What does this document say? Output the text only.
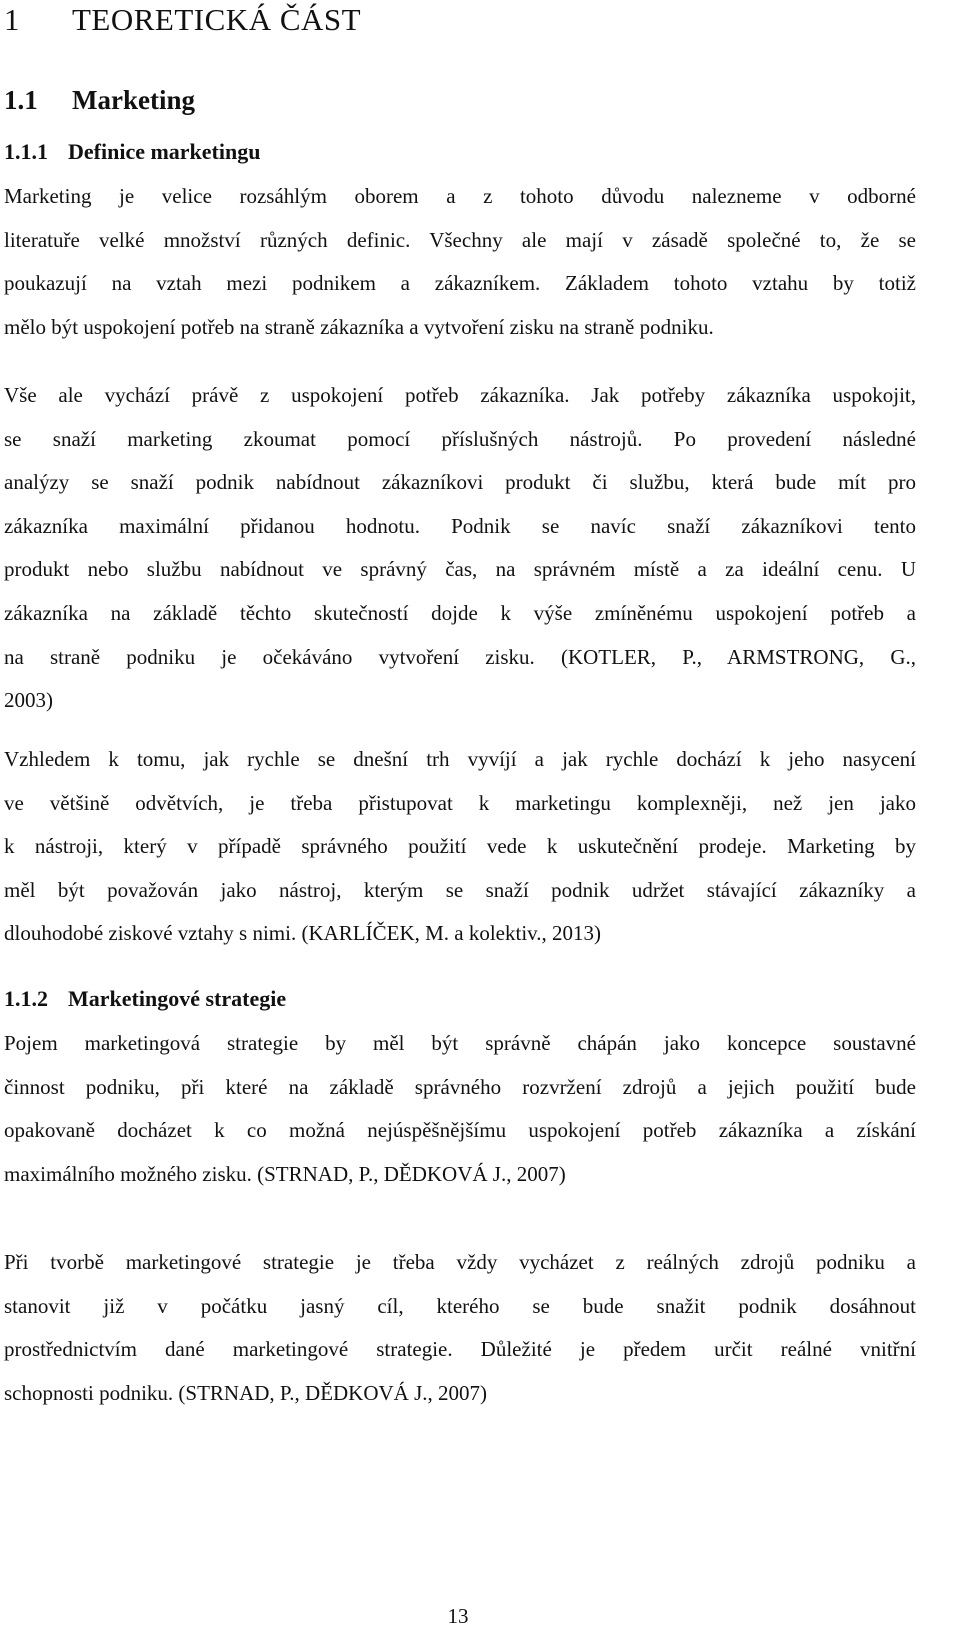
1 TEORETICKÁ ČÁST
1.1 Marketing
1.1.1 Definice marketingu
Marketing je velice rozsáhlým oborem a z tohoto důvodu nalezneme v odborné
literatuře velké množství různých definic. Všechny ale mají v zásadě společné to, že se
poukazují na vztah mezi podnikem a zákazníkem. Základem tohoto vztahu by totiž
mělo být uspokojení potřeb na straně zákazníka a vytvoření zisku na straně podniku.
Vše ale vychází právě z uspokojení potřeb zákazníka. Jak potřeby zákazníka uspokojit,
se snaží marketing zkoumat pomocí příslušných nástrojů. Po provedení následné
analýzy se snaží podnik nabídnout zákazníkovi produkt či službu, která bude mít pro
zákazníka maximální přidanou hodnotu. Podnik se navíc snaží zákazníkovi tento
produkt nebo službu nabídnout ve správný čas, na správném místě a za ideální cenu. U
zákazníka na základě těchto skutečností dojde k výše zmíněnému uspokojení potřeb a
na straně podniku je očekáváno vytvoření zisku. (KOTLER, P., ARMSTRONG, G.,
2003)
Vzhledem k tomu, jak rychle se dnešní trh vyvíjí a jak rychle dochází k jeho nasycení
ve většině odvětvích, je třeba přistupovat k marketingu komplexněji, než jen jako
k nástroji, který v případě správného použití vede k uskutečnění prodeje. Marketing by
měl být považován jako nástroj, kterým se snaží podnik udržet stávající zákazníky a
dlouhodobé ziskové vztahy s nimi. (KARLÍČEK, M. a kolektiv., 2013)
1.1.2 Marketingové strategie
Pojem marketingová strategie by měl být správně chápán jako koncepce soustavné
činnost podniku, při které na základě správného rozvržení zdrojů a jejich použití bude
opakovaně docházet k co možná nejúspěšnějšímu uspokojení potřeb zákazníka a získání
maximálního možného zisku. (STRNAD, P., DĚDKOVÁ J., 2007)
Při tvorbě marketingové strategie je třeba vždy vycházet z reálných zdrojů podniku a
stanovit již v počátku jasný cíl, kterého se bude snažit podnik dosáhnout
prostřednictvím dané marketingové strategie. Důležité je předem určit reálné vnitřní
schopnosti podniku. (STRNAD, P., DĚDKOVÁ J., 2007)
13
